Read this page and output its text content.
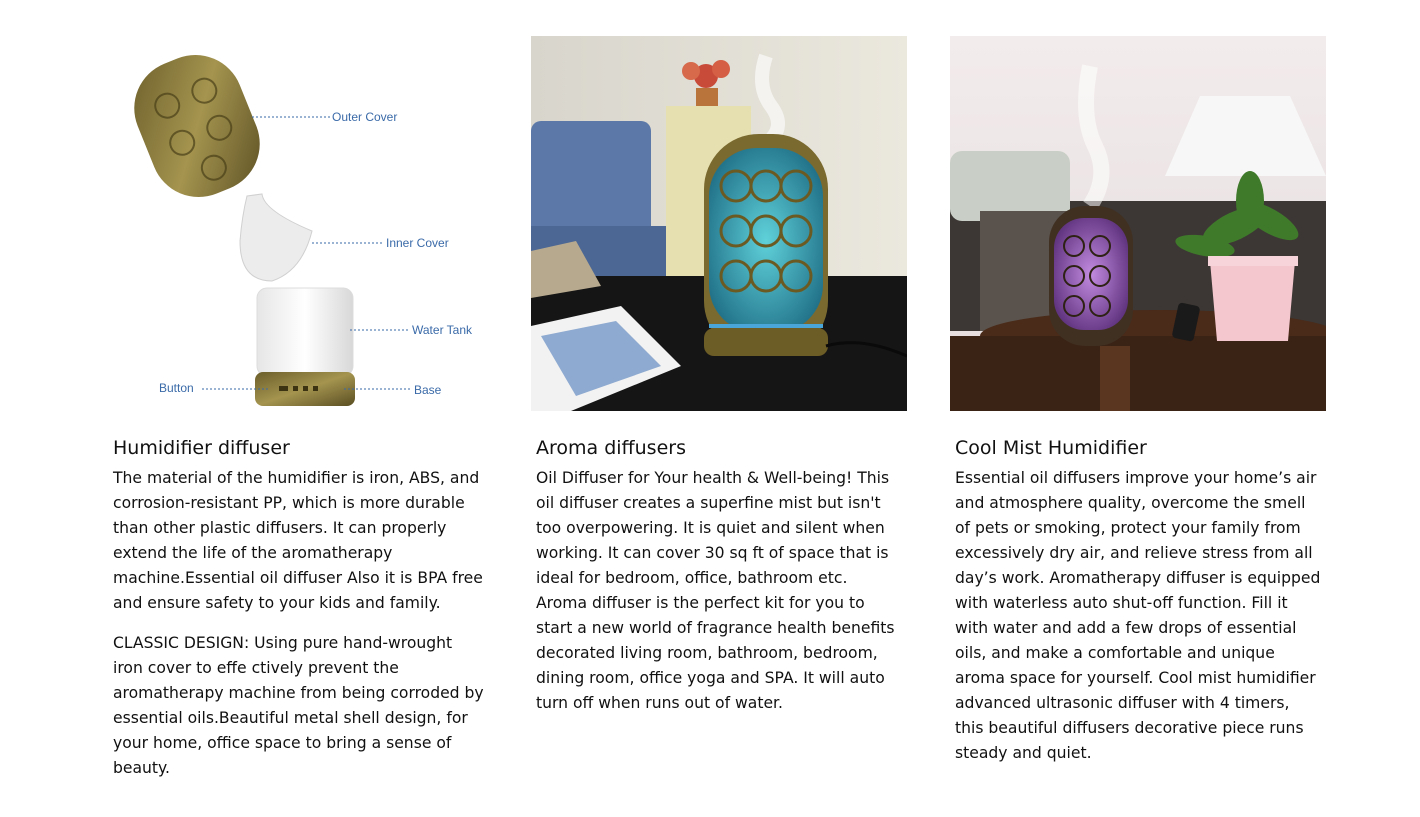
Outer Cover
Inner Cover
Water Tank
Button	Base
Humidifier diffuser

The material of the humidifier is iron, ABS, and corrosion-resistant PP, which is more durable than other plastic diffusers. It can properly extend the life of the aromatherapy machine.Essential oil diffuser Also it is BPA free and ensure safety to your kids and family.

CLASSIC DESIGN: Using pure hand-wrought iron cover to effe ctively prevent the aromatherapy machine from being corroded by essential oils.Beautiful metal shell design, for your home, office space to bring a sense of beauty.

Aroma diffusers

Oil Diffuser for Your health & Well-being! This oil diffuser creates a superfine mist but isn't too overpowering. It is quiet and silent when working. It can cover 30 sq ft of space that is ideal for bedroom, office, bathroom etc. Aroma diffuser is the perfect kit for you to start a new world of fragrance health benefits decorated living room, bathroom, bedroom, dining room, office yoga and SPA. It will auto turn off when runs out of water.

Cool Mist Humidifier

Essential oil diffusers improve your home’s air and atmosphere quality, overcome the smell of pets or smoking, protect your family from excessively dry air, and relieve stress from all day’s work. Aromatherapy diffuser is equipped with waterless auto shut-off function. Fill it with water and add a few drops of essential oils, and make a comfortable and unique aroma space for yourself. Cool mist humidifier advanced ultrasonic diffuser with 4 timers, this beautiful diffusers decorative piece runs steady and quiet.
